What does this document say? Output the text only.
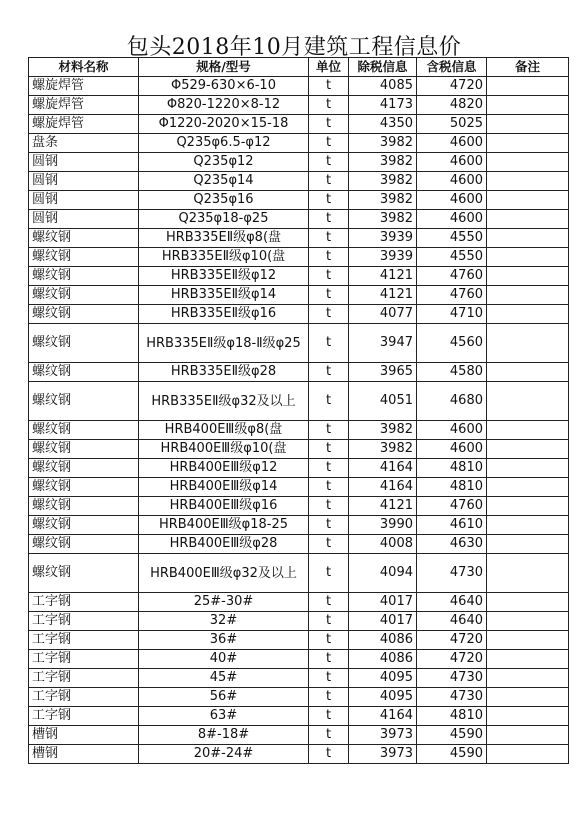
包头2018年10月建筑工程信息价
材料名称	规格/型号	单位	除税信息	含税信息	备注
螺旋焊管	Φ529-630×6-10	t	4085	4720	
螺旋焊管	Φ820-1220×8-12	t	4173	4820	
螺旋焊管	Φ1220-2020×15-18	t	4350	5025	
盘条	Q235φ6.5-φ12	t	3982	4600	
圆钢	Q235φ12	t	3982	4600	
圆钢	Q235φ14	t	3982	4600	
圆钢	Q235φ16	t	3982	4600	
圆钢	Q235φ18-φ25	t	3982	4600	
螺纹钢	HRB335EⅡ级φ8(盘	t	3939	4550	
螺纹钢	HRB335EⅡ级φ10(盘	t	3939	4550	
螺纹钢	HRB335EⅡ级φ12	t	4121	4760	
螺纹钢	HRB335EⅡ级φ14	t	4121	4760	
螺纹钢	HRB335EⅡ级φ16	t	4077	4710	
螺纹钢	HRB335EⅡ级φ18-Ⅱ级φ25	t	3947	4560	
螺纹钢	HRB335EⅡ级φ28	t	3965	4580	
螺纹钢	HRB335EⅡ级φ32及以上	t	4051	4680	
螺纹钢	HRB400EⅢ级φ8(盘	t	3982	4600	
螺纹钢	HRB400EⅢ级φ10(盘	t	3982	4600	
螺纹钢	HRB400EⅢ级φ12	t	4164	4810	
螺纹钢	HRB400EⅢ级φ14	t	4164	4810	
螺纹钢	HRB400EⅢ级φ16	t	4121	4760	
螺纹钢	HRB400EⅢ级φ18-25	t	3990	4610	
螺纹钢	HRB400EⅢ级φ28	t	4008	4630	
螺纹钢	HRB400EⅢ级φ32及以上	t	4094	4730	
工字钢	25#-30#	t	4017	4640	
工字钢	32#	t	4017	4640	
工字钢	36#	t	4086	4720	
工字钢	40#	t	4086	4720	
工字钢	45#	t	4095	4730	
工字钢	56#	t	4095	4730	
工字钢	63#	t	4164	4810	
槽钢	8#-18#	t	3973	4590	
槽钢	20#-24#	t	3973	4590	
